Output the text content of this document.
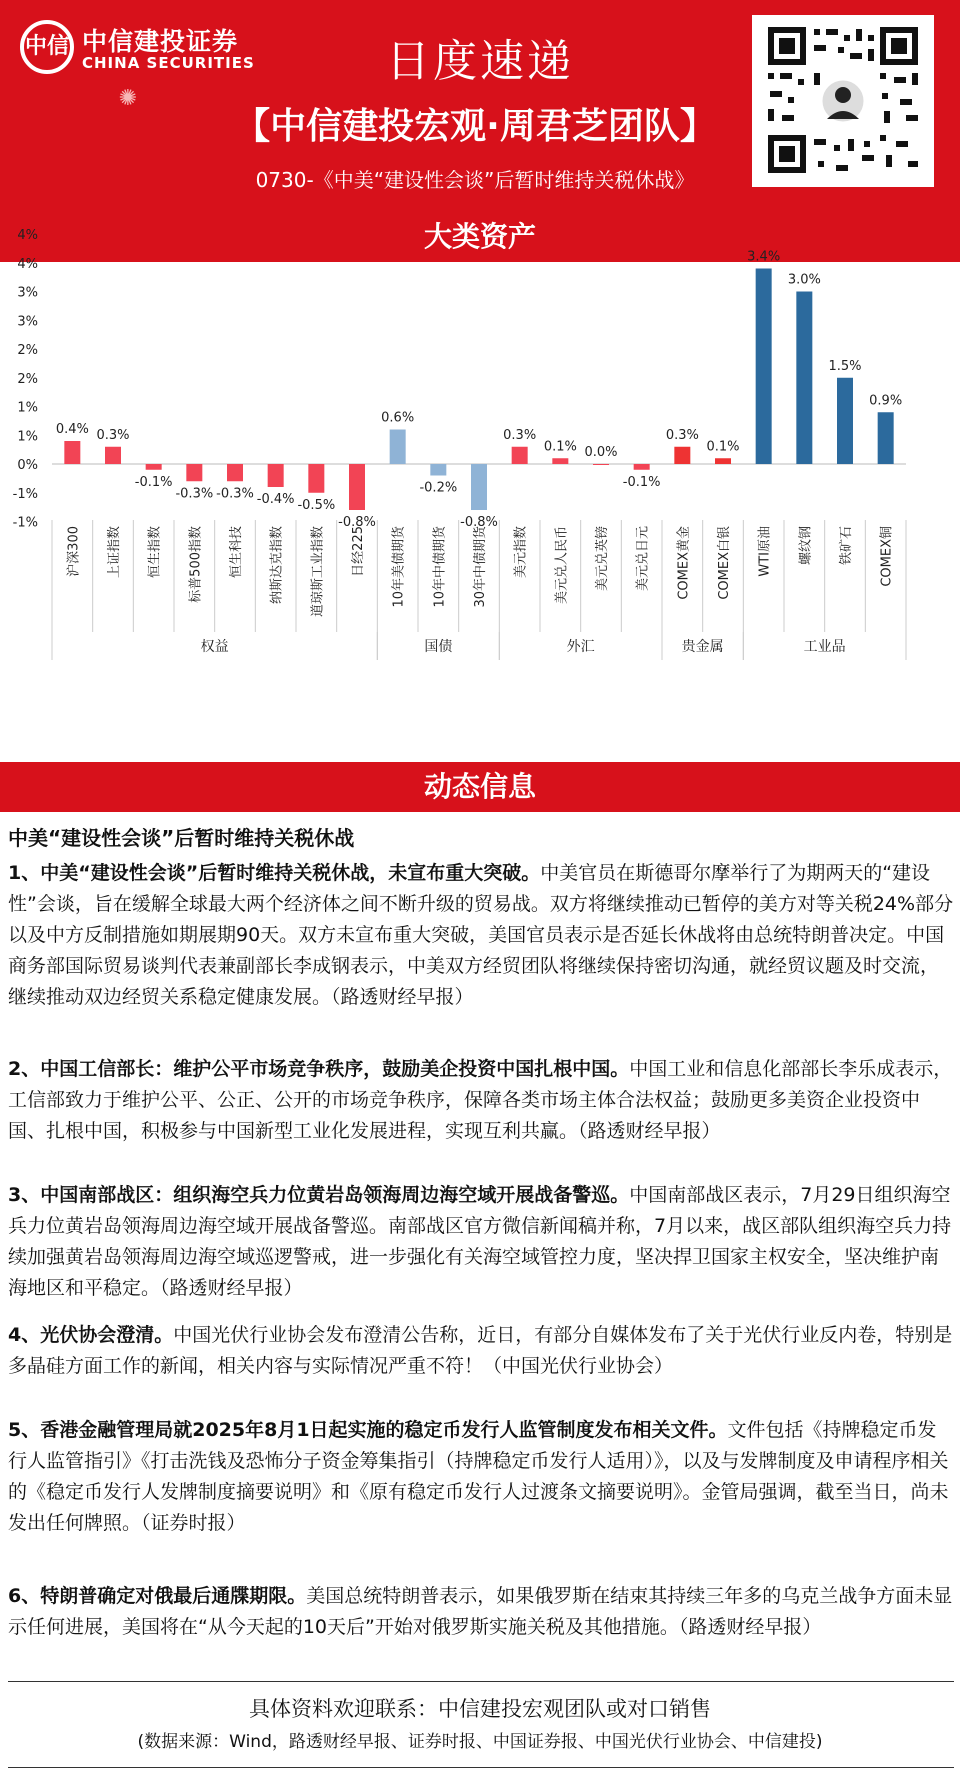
中信 中信建投证券
CHINA SECURITIES
✺
日度速递
【中信建投宏观·周君芝团队】
0730-《中美“建设性会谈”后暂时维持关税休战》
大类资产
4%
4%
3%
3%
2%
2%
1%
1%
0%
-1%
-1%
0.4%
沪深300
0.3%
上证指数
-0.1%
恒生指数
-0.3%
标普500指数
-0.3%
恒生科技
-0.4%
纳斯达克指数
-0.5%
道琼斯工业指数
-0.8%
日经225
0.6%
10年美债期货
-0.2%
10年中债期货
-0.8%
30年中债期货
0.3%
美元指数
0.1%
美元兑人民币
0.0%
美元兑英镑
-0.1%
美元兑日元
0.3%
COMEX黄金
0.1%
COMEX白银
3.4%
WTI原油
3.0%
螺纹钢
1.5%
铁矿石
0.9%
COMEX铜
权益	国债	外汇	贵金属	工业品
动态信息
中美“建设性会谈”后暂时维持关税休战
1、中美“建设性会谈”后暂时维持关税休战，未宣布重大突破。中美官员在斯德哥尔摩举行了为期两天的“建设性”会谈，旨在缓解全球最大两个经济体之间不断升级的贸易战。双方将继续推动已暂停的美方对等关税24%部分以及中方反制措施如期展期90天。双方未宣布重大突破，美国官员表示是否延长休战将由总统特朗普决定。中国商务部国际贸易谈判代表兼副部长李成钢表示，中美双方经贸团队将继续保持密切沟通，就经贸议题及时交流，继续推动双边经贸关系稳定健康发展。（路透财经早报）
2、中国工信部长：维护公平市场竞争秩序，鼓励美企投资中国扎根中国。中国工业和信息化部部长李乐成表示，工信部致力于维护公平、公正、公开的市场竞争秩序，保障各类市场主体合法权益；鼓励更多美资企业投资中国、扎根中国，积极参与中国新型工业化发展进程，实现互利共赢。（路透财经早报）
3、中国南部战区：组织海空兵力位黄岩岛领海周边海空域开展战备警巡。中国南部战区表示，7月29日组织海空兵力位黄岩岛领海周边海空域开展战备警巡。南部战区官方微信新闻稿并称，7月以来，战区部队组织海空兵力持续加强黄岩岛领海周边海空域巡逻警戒，进一步强化有关海空域管控力度，坚决捍卫国家主权安全，坚决维护南海地区和平稳定。（路透财经早报）
4、光伏协会澄清。中国光伏行业协会发布澄清公告称，近日，有部分自媒体发布了关于光伏行业反内卷，特别是多晶硅方面工作的新闻，相关内容与实际情况严重不符！（中国光伏行业协会）
5、香港金融管理局就2025年8月1日起实施的稳定币发行人监管制度发布相关文件。文件包括《持牌稳定币发行人监管指引》《打击洗钱及恐怖分子资金筹集指引（持牌稳定币发行人适用）》，以及与发牌制度及申请程序相关的《稳定币发行人发牌制度摘要说明》和《原有稳定币发行人过渡条文摘要说明》。金管局强调，截至当日，尚未发出任何牌照。（证券时报）
6、特朗普确定对俄最后通牒期限。美国总统特朗普表示，如果俄罗斯在结束其持续三年多的乌克兰战争方面未显示任何进展，美国将在“从今天起的10天后”开始对俄罗斯实施关税及其他措施。（路透财经早报）
具体资料欢迎联系：中信建投宏观团队或对口销售
(数据来源：Wind，路透财经早报、证券时报、中国证券报、中国光伏行业协会、中信建投)
